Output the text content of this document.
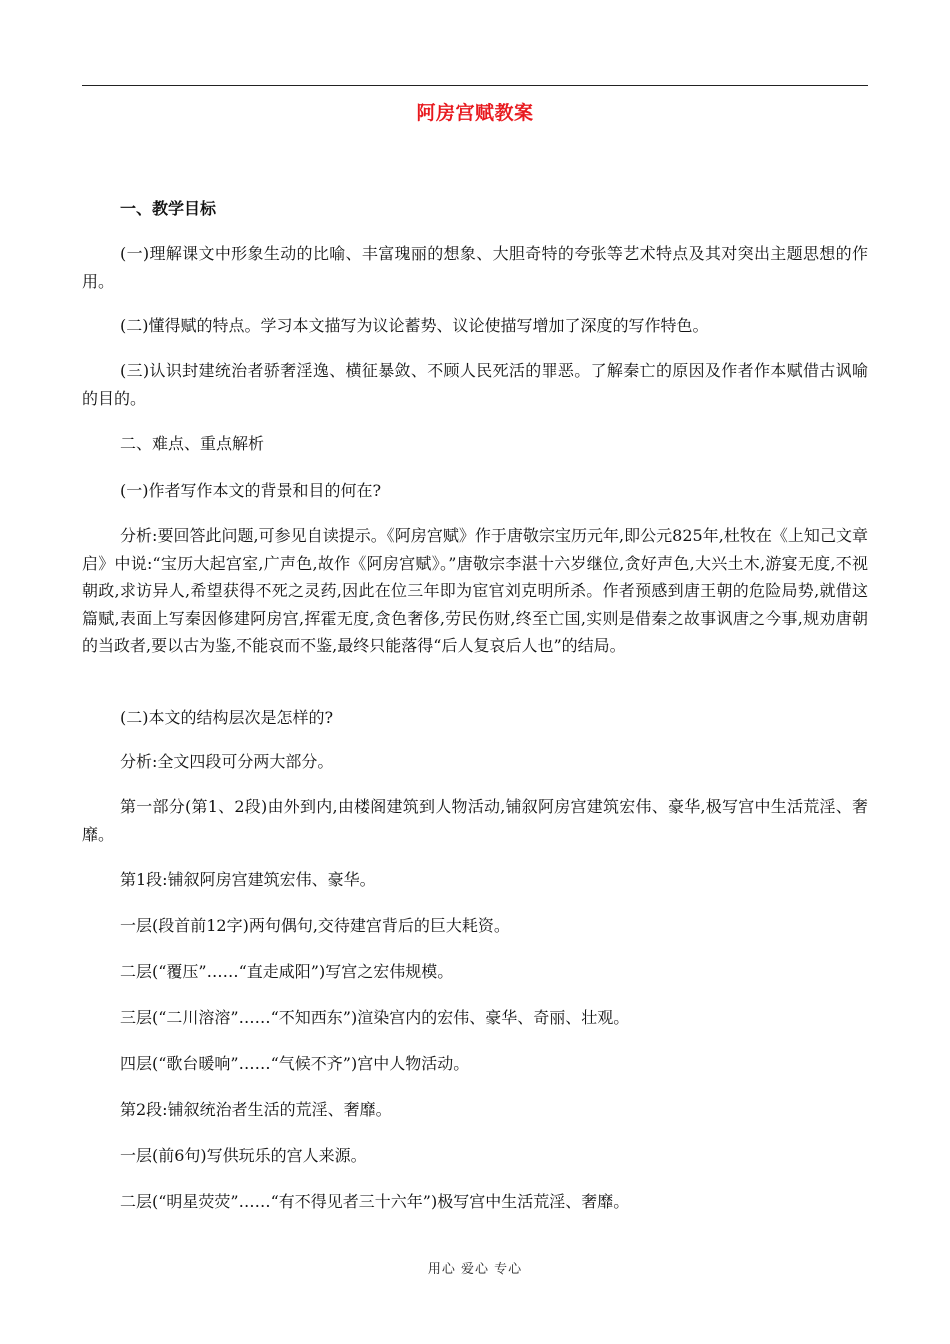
阿房宫赋教案
一、教学目标
(一)理解课文中形象生动的比喻、丰富瑰丽的想象、大胆奇特的夸张等艺术特点及其对突出主题思想的作用。
(二)懂得赋的特点。学习本文描写为议论蓄势、议论使描写增加了深度的写作特色。
(三)认识封建统治者骄奢淫逸、横征暴敛、不顾人民死活的罪恶。了解秦亡的原因及作者作本赋借古讽喻的目的。
二、难点、重点解析
(一)作者写作本文的背景和目的何在?
分析:要回答此问题,可参见自读提示。《阿房宫赋》作于唐敬宗宝历元年,即公元825年,杜牧在《上知己文章启》中说:“宝历大起宫室,广声色,故作《阿房宫赋》。”唐敬宗李湛十六岁继位,贪好声色,大兴土木,游宴无度,不视朝政,求访异人,希望获得不死之灵药,因此在位三年即为宦官刘克明所杀。作者预感到唐王朝的危险局势,就借这篇赋,表面上写秦因修建阿房宫,挥霍无度,贪色奢侈,劳民伤财,终至亡国,实则是借秦之故事讽唐之今事,规劝唐朝的当政者,要以古为鉴,不能哀而不鉴,最终只能落得“后人复哀后人也”的结局。
(二)本文的结构层次是怎样的?
分析:全文四段可分两大部分。
第一部分(第1、2段)由外到内,由楼阁建筑到人物活动,铺叙阿房宫建筑宏伟、豪华,极写宫中生活荒淫、奢靡。
第1段:铺叙阿房宫建筑宏伟、豪华。
一层(段首前12字)两句偶句,交待建宫背后的巨大耗资。
二层(“覆压”……“直走咸阳”)写宫之宏伟规模。
三层(“二川溶溶”……“不知西东”)渲染宫内的宏伟、豪华、奇丽、壮观。
四层(“歌台暖响”……“气候不齐”)宫中人物活动。
第2段:铺叙统治者生活的荒淫、奢靡。
一层(前6句)写供玩乐的宫人来源。
二层(“明星荧荧”……“有不得见者三十六年”)极写宫中生活荒淫、奢靡。
用心 爱心 专心
